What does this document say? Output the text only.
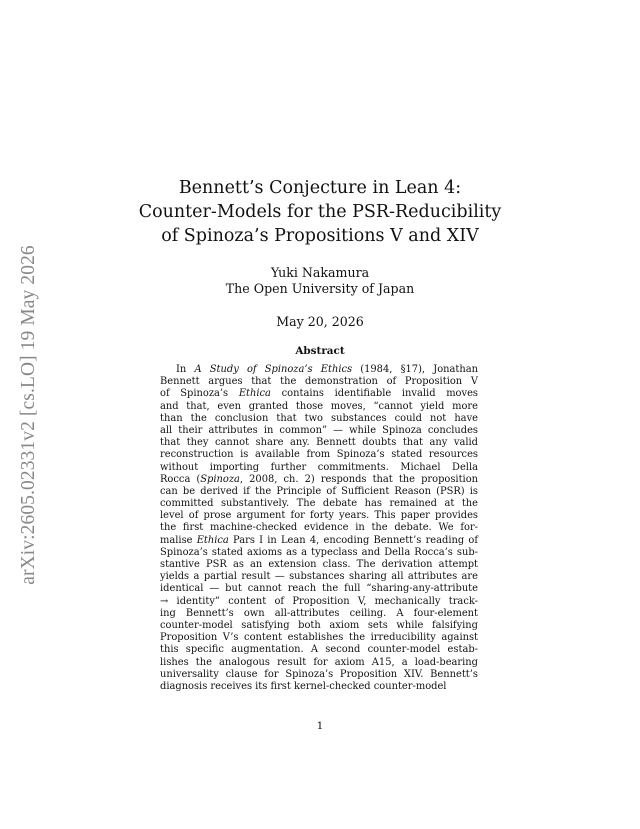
arXiv:2605.02331v2 [cs.LO] 19 May 2026
Bennett’s Conjecture in Lean 4:
Counter-Models for the PSR-Reducibility
of Spinoza’s Propositions V and XIV
Yuki Nakamura
The Open University of Japan
May 20, 2026
Abstract
In A Study of Spinoza’s Ethics (1984, §17), Jonathan
Bennett argues that the demonstration of Proposition V
of Spinoza’s Ethica contains identifiable invalid moves
and that, even granted those moves, “cannot yield more
than the conclusion that two substances could not have
all their attributes in common” — while Spinoza concludes
that they cannot share any. Bennett doubts that any valid
reconstruction is available from Spinoza’s stated resources
without importing further commitments. Michael Della
Rocca (Spinoza, 2008, ch. 2) responds that the proposition
can be derived if the Principle of Sufficient Reason (PSR) is
committed substantively. The debate has remained at the
level of prose argument for forty years. This paper provides
the first machine-checked evidence in the debate. We for-
malise Ethica Pars I in Lean 4, encoding Bennett’s reading of
Spinoza’s stated axioms as a typeclass and Della Rocca’s sub-
stantive PSR as an extension class. The derivation attempt
yields a partial result — substances sharing all attributes are
identical — but cannot reach the full “sharing-any-attribute
→ identity” content of Proposition V, mechanically track-
ing Bennett’s own all-attributes ceiling. A four-element
counter-model satisfying both axiom sets while falsifying
Proposition V’s content establishes the irreducibility against
this specific augmentation. A second counter-model estab-
lishes the analogous result for axiom A15, a load-bearing
universality clause for Spinoza’s Proposition XIV. Bennett’s
diagnosis receives its first kernel-checked counter-model
1
